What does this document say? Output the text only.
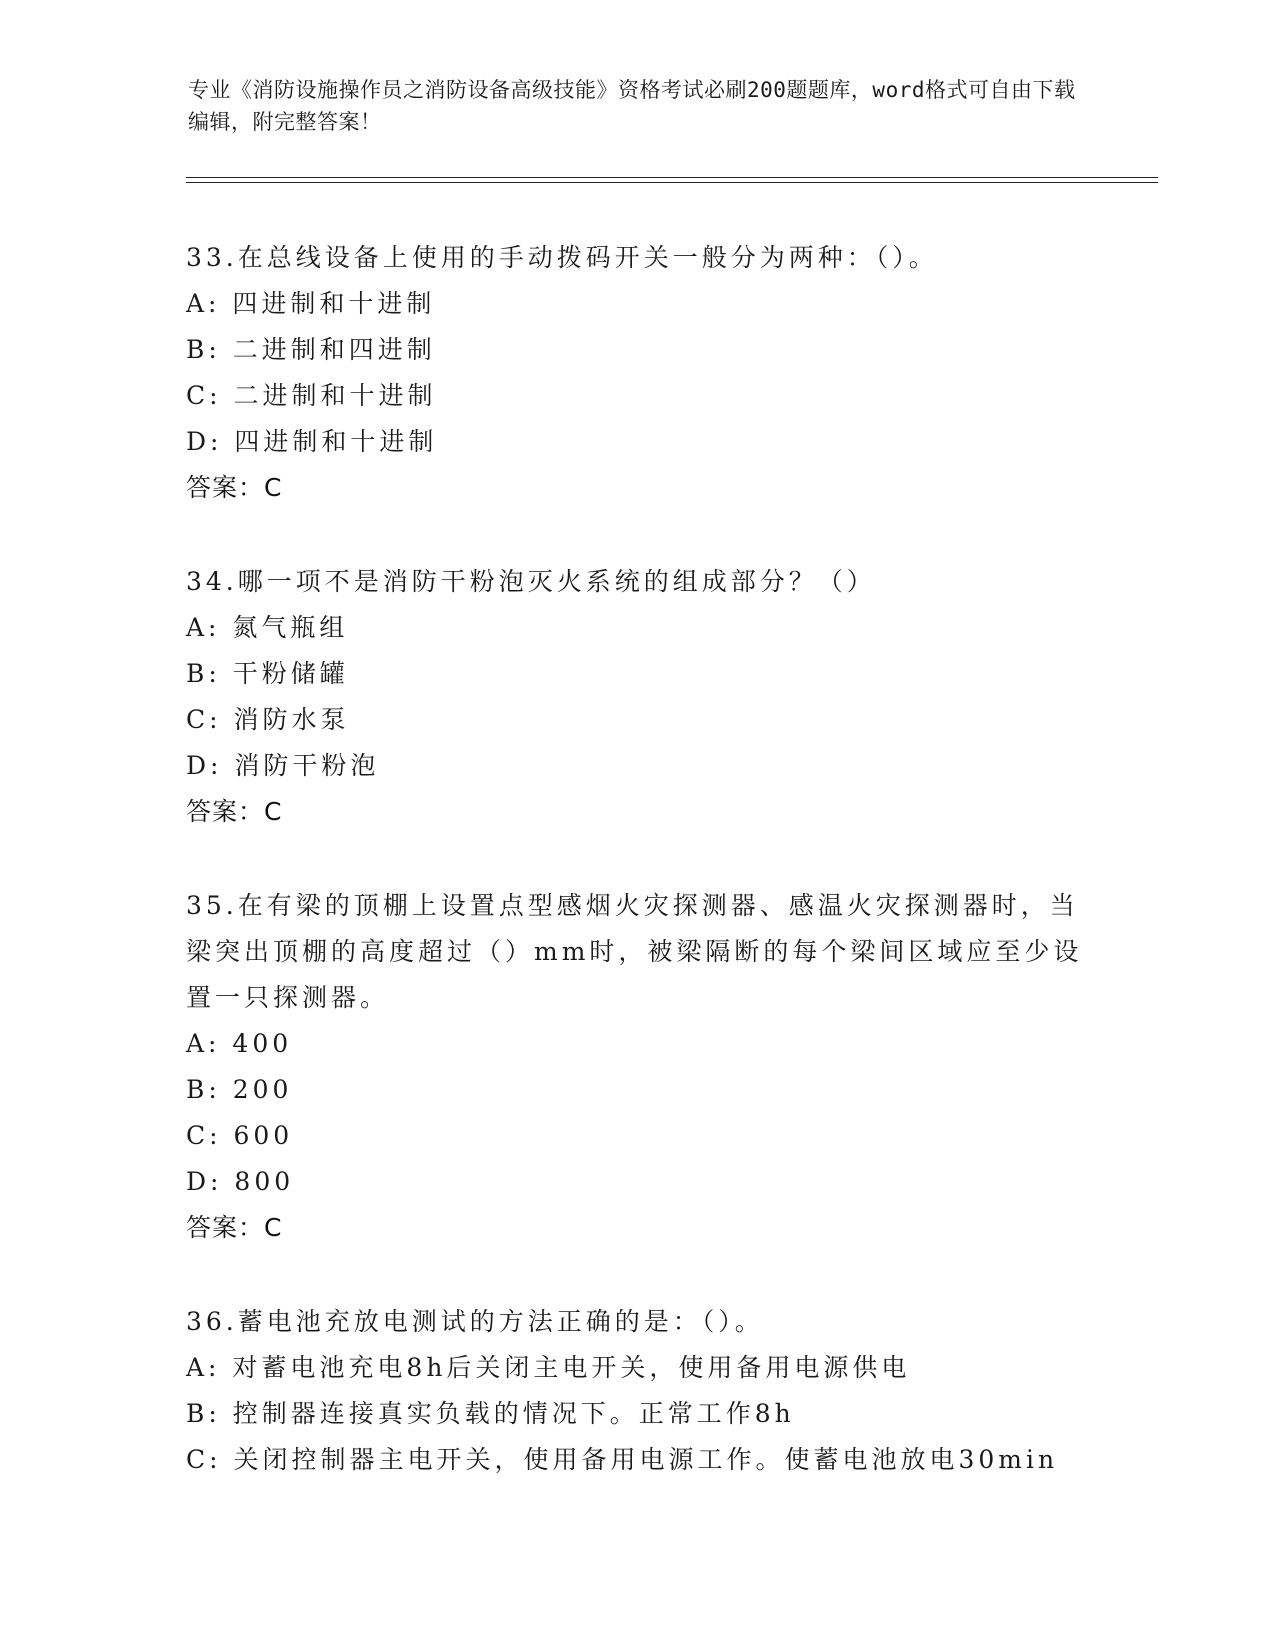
专业《消防设施操作员之消防设备高级技能》资格考试必刷200题题库，word格式可自由下载编辑，附完整答案！
33.在总线设备上使用的手动拨码开关一般分为两种：（）。
A: 四进制和十进制
B: 二进制和四进制
C: 二进制和十进制
D: 四进制和十进制
答案：C
34.哪一项不是消防干粉泡灭火系统的组成部分？（）
A: 氮气瓶组
B: 干粉储罐
C: 消防水泵
D: 消防干粉泡
答案：C
35.在有梁的顶棚上设置点型感烟火灾探测器、感温火灾探测器时，当梁突出顶棚的高度超过（）mm时，被梁隔断的每个梁间区域应至少设置一只探测器。
A: 400
B: 200
C: 600
D: 800
答案：C
36.蓄电池充放电测试的方法正确的是：（）。
A: 对蓄电池充电8h后关闭主电开关，使用备用电源供电
B: 控制器连接真实负载的情况下。正常工作8h
C: 关闭控制器主电开关，使用备用电源工作。使蓄电池放电30min
